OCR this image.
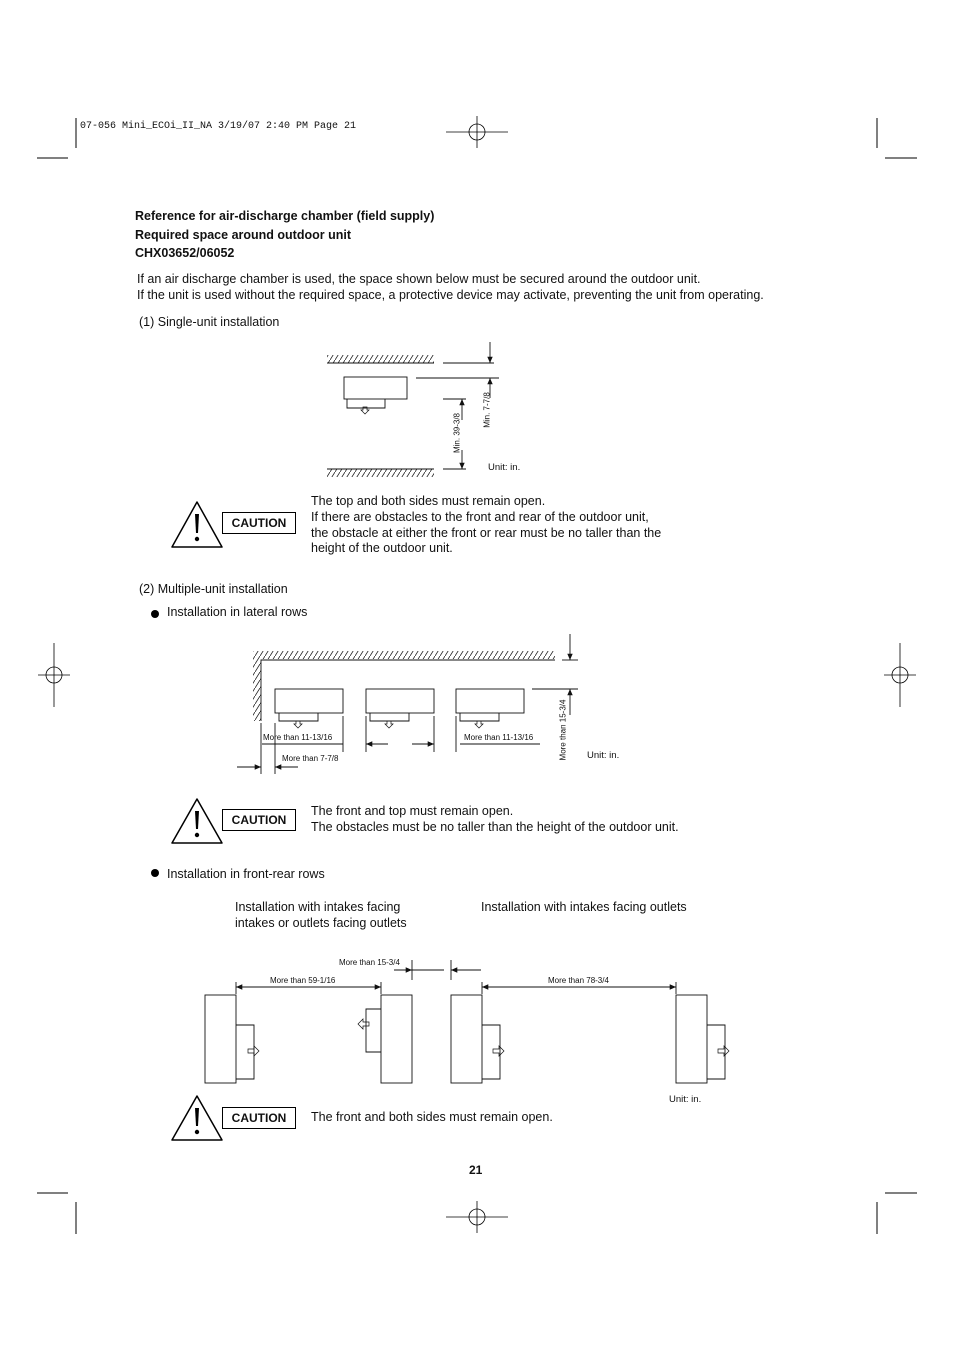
07-056 Mini_ECOi_II_NA 3/19/07 2:40 PM Page 21
Reference for air-discharge chamber (field supply)
Required space around outdoor unit
CHX03652/06052
If an air discharge chamber is used, the space shown below must be secured around the outdoor unit.
If the unit is used without the required space, a protective device may activate, preventing the unit from operating.
(1) Single-unit installation
Min. 7-7/8
Min. 39-3/8
Unit: in.
CAUTION
The top and both sides must remain open.
If there are obstacles to the front and rear of the outdoor unit,
the obstacle at either the front or rear must be no taller than the
height of the outdoor unit.
(2) Multiple-unit installation
Installation in lateral rows
More than 11-13/16	More than 11-13/16
More than 7-7/8	More than 15-3/4 Unit: in.
CAUTION
The front and top must remain open.
The obstacles must be no taller than the height of the outdoor unit.
Installation in front-rear rows
Installation with intakes facing
intakes or outlets facing outlets
Installation with intakes facing outlets
More than 15-3/4
More than 59-1/16	More than 78-3/4
Unit: in.
CAUTION	The front and both sides must remain open.
21
